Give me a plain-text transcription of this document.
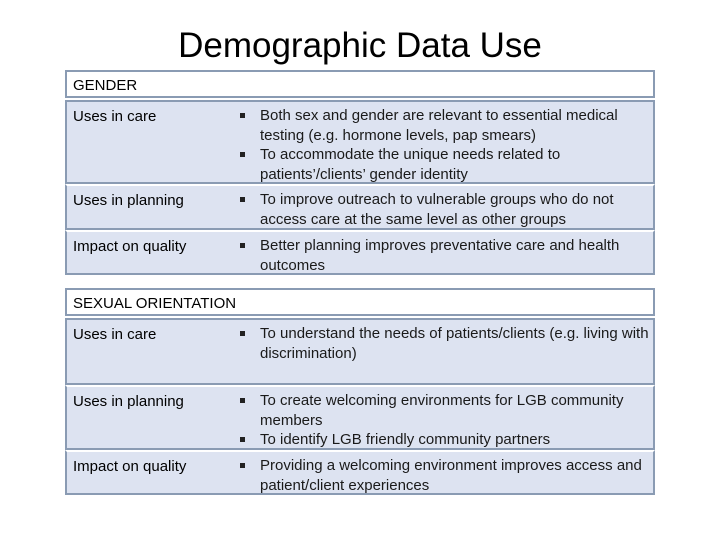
Demographic Data Use
GENDER
Uses in care	Both sex and gender are relevant to essential medical testing (e.g. hormone levels, pap smears)
To accommodate the unique needs related to patients’/clients’ gender identity
Uses in planning	To improve outreach to vulnerable groups who do not access care at the same level as other groups
Impact on quality	Better planning improves preventative care and health outcomes
SEXUAL ORIENTATION
Uses in care	To understand the needs of patients/clients (e.g. living with discrimination)
Uses in planning	To create welcoming environments for LGB community members
To identify LGB friendly community partners
Impact on quality	Providing a welcoming environment improves access and patient/client experiences
